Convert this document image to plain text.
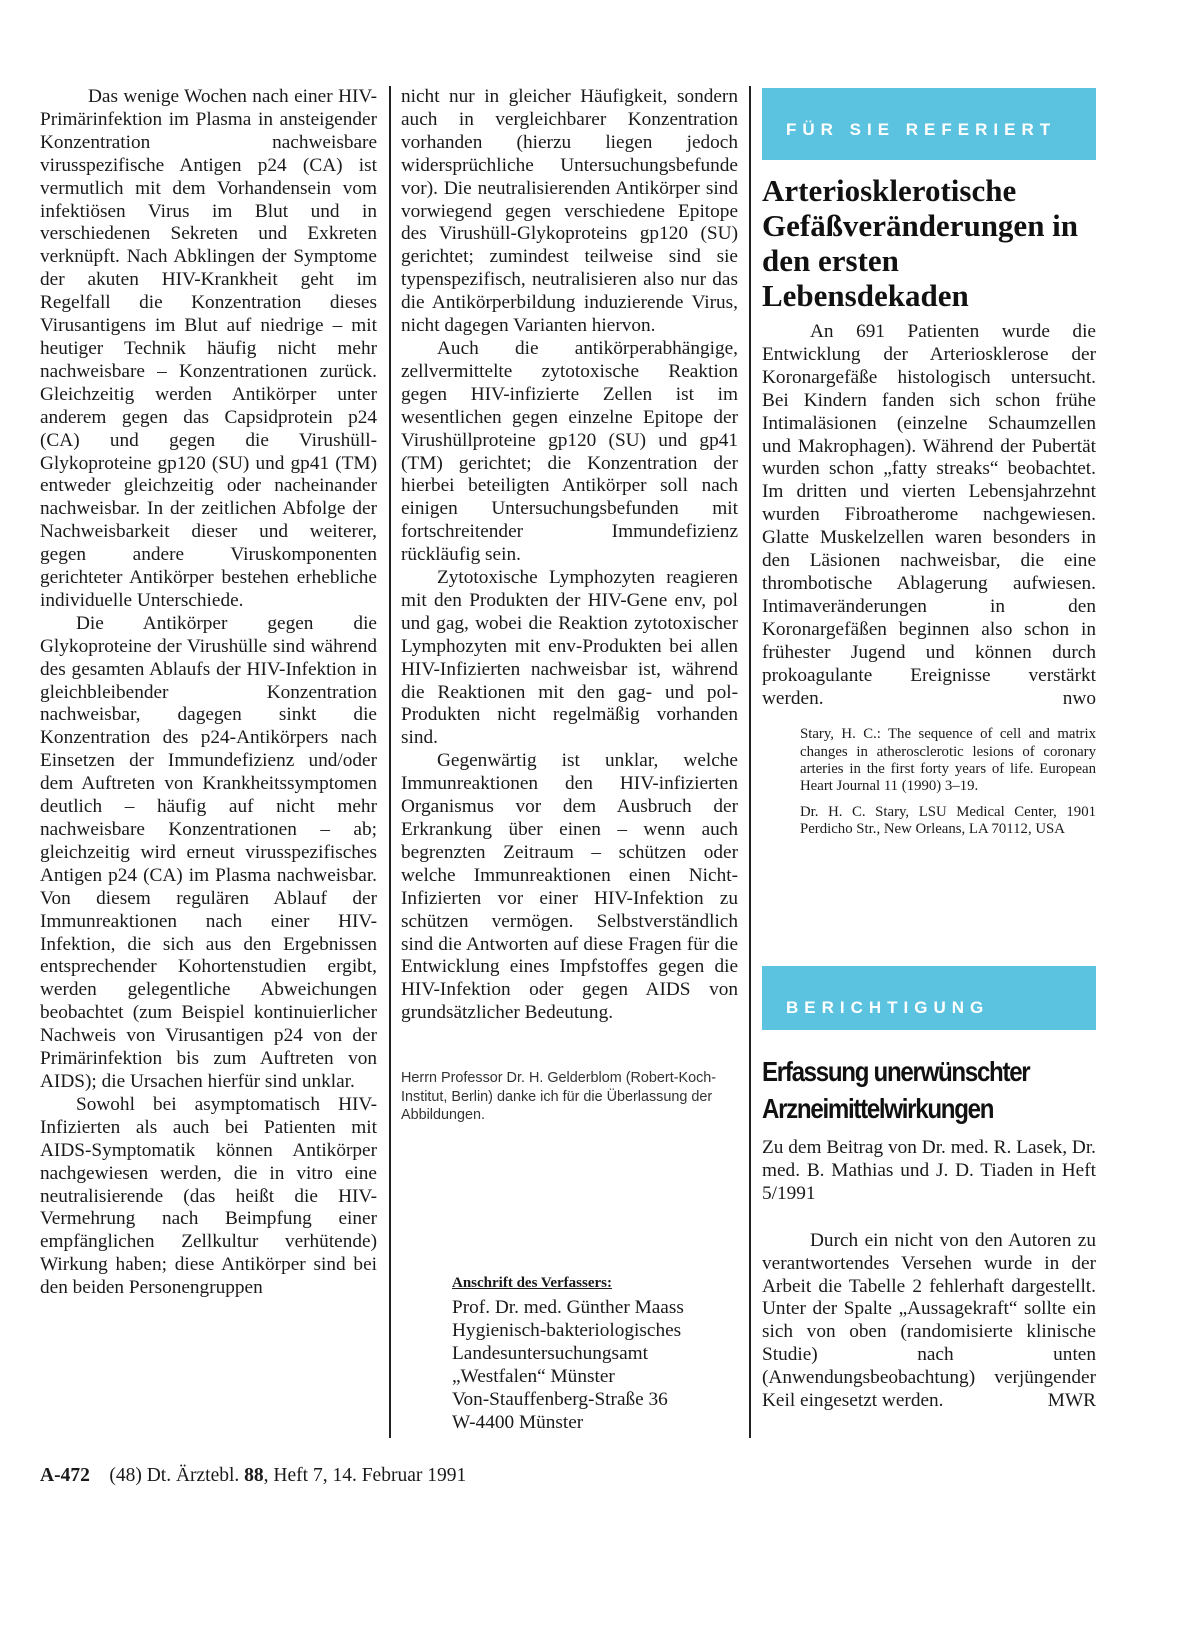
Das wenige Wochen nach einer HIV-Primärinfektion im Plasma in ansteigender Konzentration nachweisbare virusspezifische Antigen p24 (CA) ist vermutlich mit dem Vorhandensein vom infektiösen Virus im Blut und in verschiedenen Sekreten und Exkreten verknüpft. Nach Abklingen der Symptome der akuten HIV-Krankheit geht im Regelfall die Konzentration dieses Virusantigens im Blut auf niedrige – mit heutiger Technik häufig nicht mehr nachweisbare – Konzentrationen zurück. Gleichzeitig werden Antikörper unter anderem gegen das Capsidprotein p24 (CA) und gegen die Virushüll-Glykoproteine gp120 (SU) und gp41 (TM) entweder gleichzeitig oder nacheinander nachweisbar. In der zeitlichen Abfolge der Nachweisbarkeit dieser und weiterer, gegen andere Viruskomponenten gerichteter Antikörper bestehen erhebliche individuelle Unterschiede.

Die Antikörper gegen die Glykoproteine der Virushülle sind während des gesamten Ablaufs der HIV-Infektion in gleichbleibender Konzentration nachweisbar, dagegen sinkt die Konzentration des p24-Antikörpers nach Einsetzen der Immundefizienz und/oder dem Auftreten von Krankheitssymptomen deutlich – häufig auf nicht mehr nachweisbare Konzentrationen – ab; gleichzeitig wird erneut virusspezifisches Antigen p24 (CA) im Plasma nachweisbar. Von diesem regulären Ablauf der Immunreaktionen nach einer HIV-Infektion, die sich aus den Ergebnissen entsprechender Kohortenstudien ergibt, werden gelegentliche Abweichungen beobachtet (zum Beispiel kontinuierlicher Nachweis von Virusantigen p24 von der Primärinfektion bis zum Auftreten von AIDS); die Ursachen hierfür sind unklar.

Sowohl bei asymptomatisch HIV-Infizierten als auch bei Patienten mit AIDS-Symptomatik können Antikörper nachgewiesen werden, die in vitro eine neutralisierende (das heißt die HIV-Vermehrung nach Beimpfung einer empfänglichen Zellkultur verhütende) Wirkung haben; diese Antikörper sind bei den beiden Personengruppen

nicht nur in gleicher Häufigkeit, sondern auch in vergleichbarer Konzentration vorhanden (hierzu liegen jedoch widersprüchliche Untersuchungsbefunde vor). Die neutralisierenden Antikörper sind vorwiegend gegen verschiedene Epitope des Virushüll-Glykoproteins gp120 (SU) gerichtet; zumindest teilweise sind sie typenspezifisch, neutralisieren also nur das die Antikörperbildung induzierende Virus, nicht dagegen Varianten hiervon.

Auch die antikörperabhängige, zellvermittelte zytotoxische Reaktion gegen HIV-infizierte Zellen ist im wesentlichen gegen einzelne Epitope der Virushüllproteine gp120 (SU) und gp41 (TM) gerichtet; die Konzentration der hierbei beteiligten Antikörper soll nach einigen Untersuchungsbefunden mit fortschreitender Immundefizienz rückläufig sein.

Zytotoxische Lymphozyten reagieren mit den Produkten der HIV-Gene env, pol und gag, wobei die Reaktion zytotoxischer Lymphozyten mit env-Produkten bei allen HIV-Infizierten nachweisbar ist, während die Reaktionen mit den gag- und pol-Produkten nicht regelmäßig vorhanden sind.

Gegenwärtig ist unklar, welche Immunreaktionen den HIV-infizierten Organismus vor dem Ausbruch der Erkrankung über einen – wenn auch begrenzten Zeitraum – schützen oder welche Immunreaktionen einen Nicht-Infizierten vor einer HIV-Infektion zu schützen vermögen. Selbstverständlich sind die Antworten auf diese Fragen für die Entwicklung eines Impfstoffes gegen die HIV-Infektion oder gegen AIDS von grundsätzlicher Bedeutung.

Herrn Professor Dr. H. Gelderblom (Robert-Koch-Institut, Berlin) danke ich für die Überlassung der Abbildungen.

Anschrift des Verfassers:
Prof. Dr. med. Günther Maass
Hygienisch-bakteriologisches
Landesuntersuchungsamt
„Westfalen“ Münster
Von-Stauffenberg-Straße 36
W-4400 Münster
FÜR SIE REFERIERT
Arteriosklerotische Gefäßveränderungen in den ersten Lebensdekaden

An 691 Patienten wurde die Entwicklung der Arteriosklerose der Koronargefäße histologisch untersucht. Bei Kindern fanden sich schon frühe Intimaläsionen (einzelne Schaumzellen und Makrophagen). Während der Pubertät wurden schon „fatty streaks“ beobachtet. Im dritten und vierten Lebensjahrzehnt wurden Fibroatherome nachgewiesen. Glatte Muskelzellen waren besonders in den Läsionen nachweisbar, die eine thrombotische Ablagerung aufwiesen. Intimaveränderungen in den Koronargefäßen beginnen also schon in frühester Jugend und können durch prokoagulante Ereignisse verstärkt werden.	nwo

Stary, H. C.: The sequence of cell and matrix changes in atherosclerotic lesions of coronary arteries in the first forty years of life. European Heart Journal 11 (1990) 3–19.

Dr. H. C. Stary, LSU Medical Center, 1901 Perdicho Str., New Orleans, LA 70112, USA

BERICHTIGUNG
Erfassung unerwünschter Arzneimittelwirkungen

Zu dem Beitrag von Dr. med. R. Lasek, Dr. med. B. Mathias und J. D. Tiaden in Heft 5/1991

Durch ein nicht von den Autoren zu verantwortendes Versehen wurde in der Arbeit die Tabelle 2 fehlerhaft dargestellt. Unter der Spalte „Aussagekraft“ sollte ein sich von oben (randomisierte klinische Studie) nach unten (Anwendungsbeobachtung) verjüngender Keil eingesetzt werden.	MWR

A-472 (48) Dt. Ärztebl. 88, Heft 7, 14. Februar 1991
